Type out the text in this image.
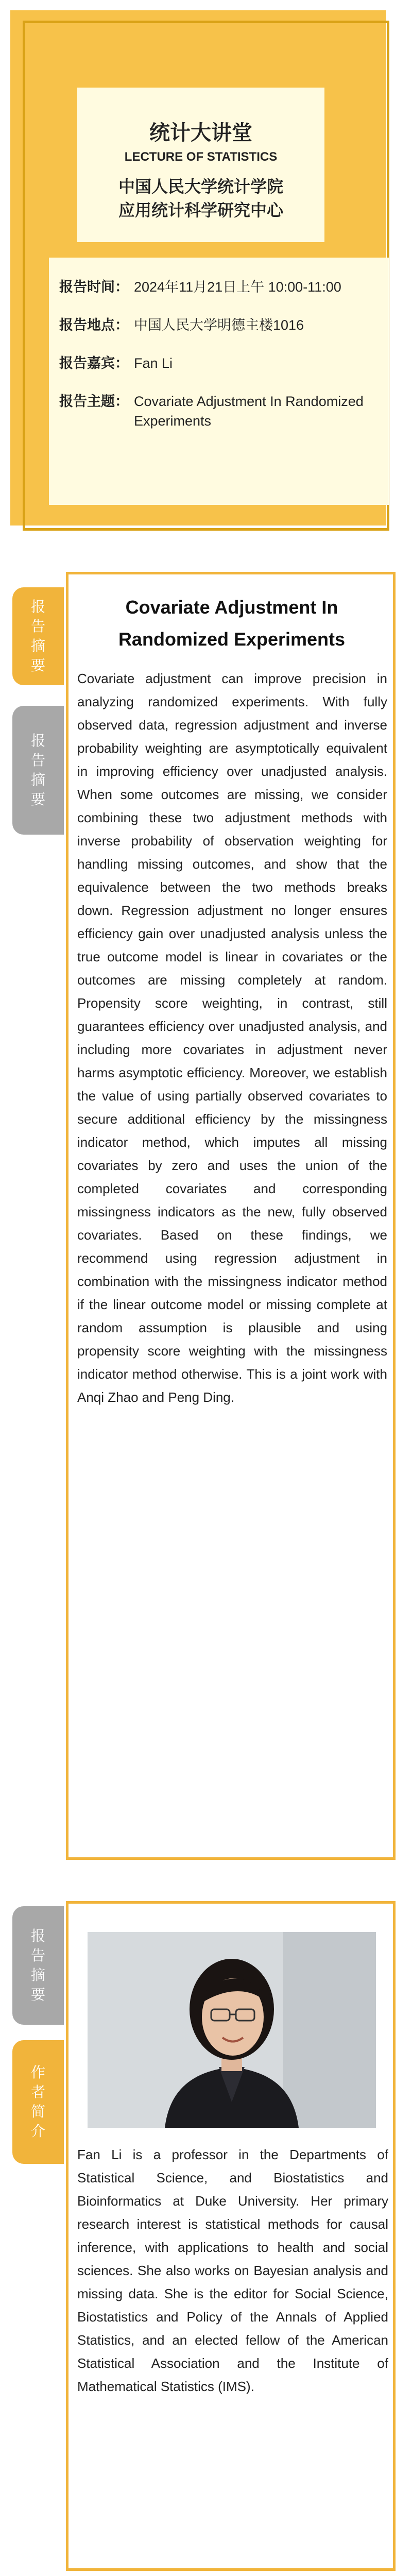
统计大讲堂
LECTURE OF STATISTICS
中国人民大学统计学院
应用统计科学研究中心
报告时间： 2024年11月21日上午 10:00-11:00
报告地点： 中国人民大学明德主楼1016
报告嘉宾： Fan Li
报告主题： Covariate Adjustment In Randomized Experiments
报告摘要
报告摘要
Covariate Adjustment In Randomized Experiments
Covariate adjustment can improve precision in analyzing randomized experiments. With fully observed data, regression adjustment and inverse probability weighting are asymptotically equivalent in improving efficiency over unadjusted analysis. When some outcomes are missing, we consider combining these two adjustment methods with inverse probability of observation weighting for handling missing outcomes, and show that the equivalence between the two methods breaks down. Regression adjustment no longer ensures efficiency gain over unadjusted analysis unless the true outcome model is linear in covariates or the outcomes are missing completely at random. Propensity score weighting, in contrast, still guarantees efficiency over unadjusted analysis, and including more covariates in adjustment never harms asymptotic efficiency. Moreover, we establish the value of using partially observed covariates to secure additional efficiency by the missingness indicator method, which imputes all missing covariates by zero and uses the union of the completed covariates and corresponding missingness indicators as the new, fully observed covariates. Based on these findings, we recommend using regression adjustment in combination with the missingness indicator method if the linear outcome model or missing complete at random assumption is plausible and using propensity score weighting with the missingness indicator method otherwise. This is a joint work with Anqi Zhao and Peng Ding.
报告摘要
作者简介
Fan Li is a professor in the Departments of Statistical Science, and Biostatistics and Bioinformatics at Duke University. Her primary research interest is statistical methods for causal inference, with applications to health and social sciences. She also works on Bayesian analysis and missing data. She is the editor for Social Science, Biostatistics and Policy of the Annals of Applied Statistics, and an elected fellow of the American Statistical Association and the Institute of Mathematical Statistics (IMS).
